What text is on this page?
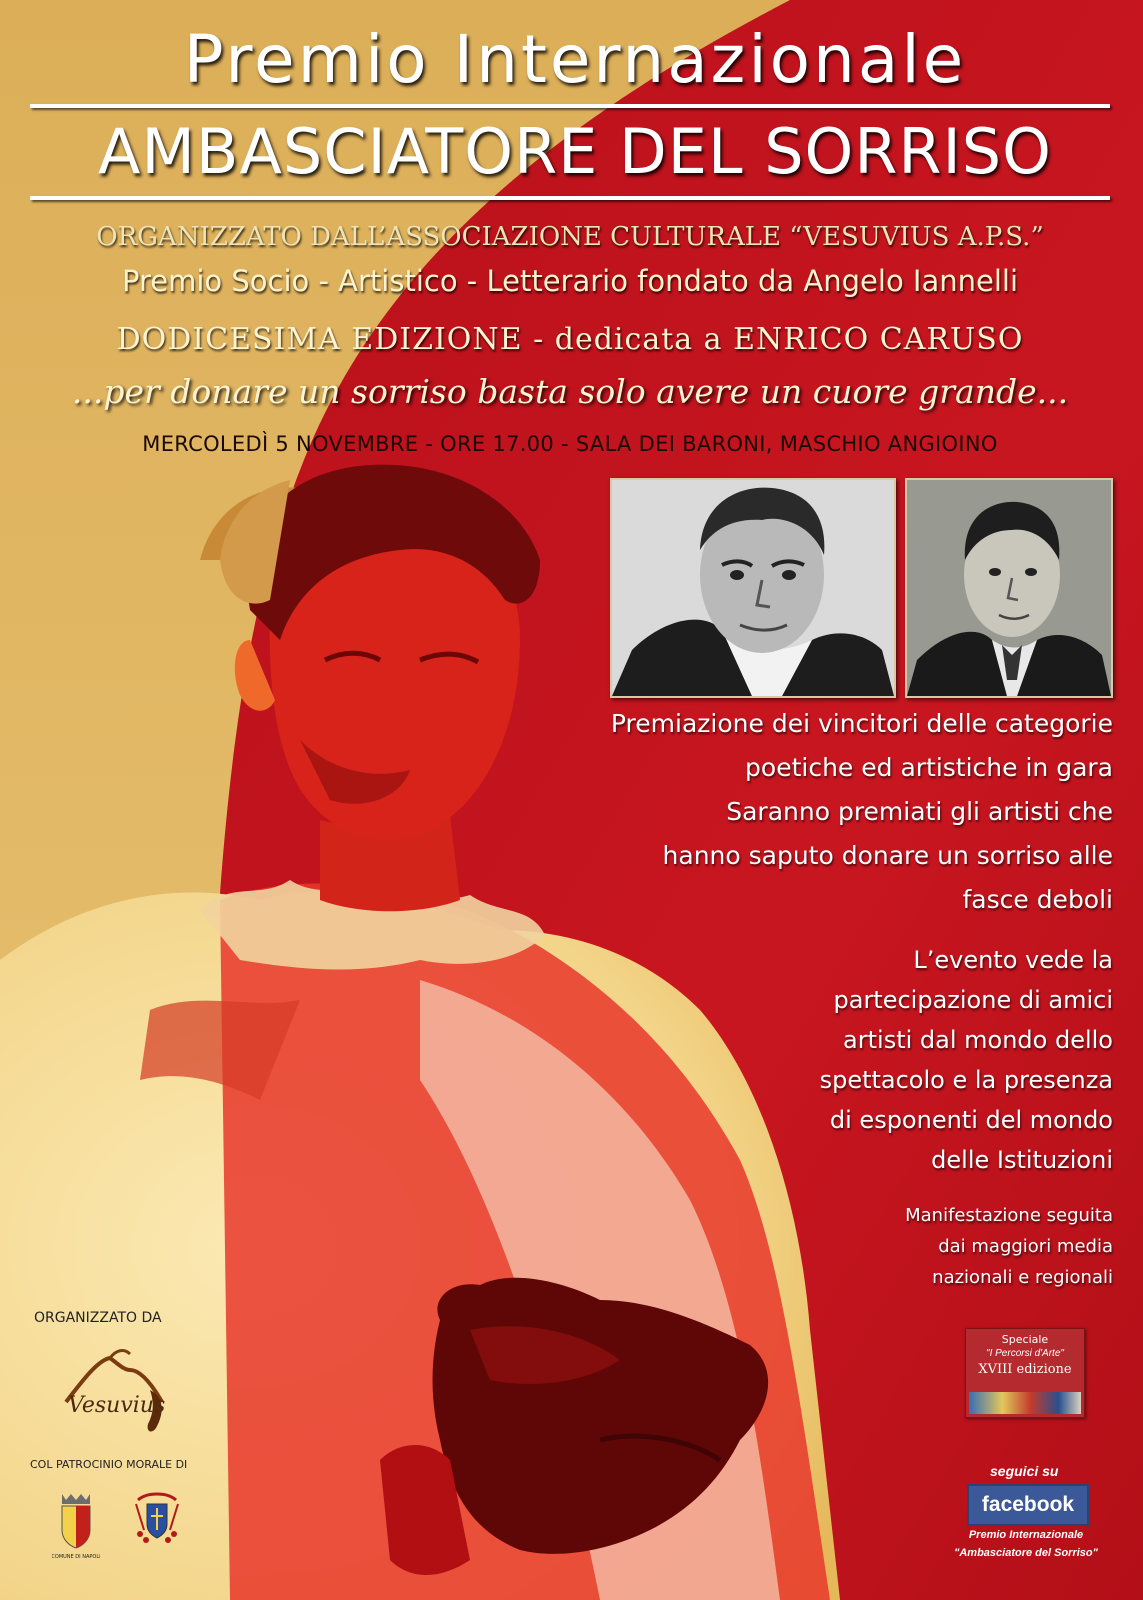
Premio Internazionale
AMBASCIATORE DEL SORRISO
ORGANIZZATO DALL’ASSOCIAZIONE CULTURALE “VESUVIUS A.P.S.”
Premio Socio - Artistico - Letterario fondato da Angelo Iannelli
DODICESIMA EDIZIONE - dedicata a ENRICO CARUSO
...per donare un sorriso basta solo avere un cuore grande...
MERCOLEDÌ 5 NOVEMBRE - ORE 17.00 - SALA DEI BARONI, MASCHIO ANGIOINO
Premiazione dei vincitori delle categorie
poetiche ed artistiche in gara
Saranno premiati gli artisti che
hanno saputo donare un sorriso alle
fasce deboli
L’evento vede la
partecipazione di amici
artisti dal mondo dello
spettacolo e la presenza
di esponenti del mondo
delle Istituzioni
Manifestazione seguita
dai maggiori media
nazionali e regionali
ORGANIZZATO DA
Vesuvius
COL PATROCINIO MORALE DI
COMUNE DI NAPOLI
Speciale
"I Percorsi d'Arte"
XVIII edizione
seguici su
facebook
Premio Internazionale
"Ambasciatore del Sorriso"
